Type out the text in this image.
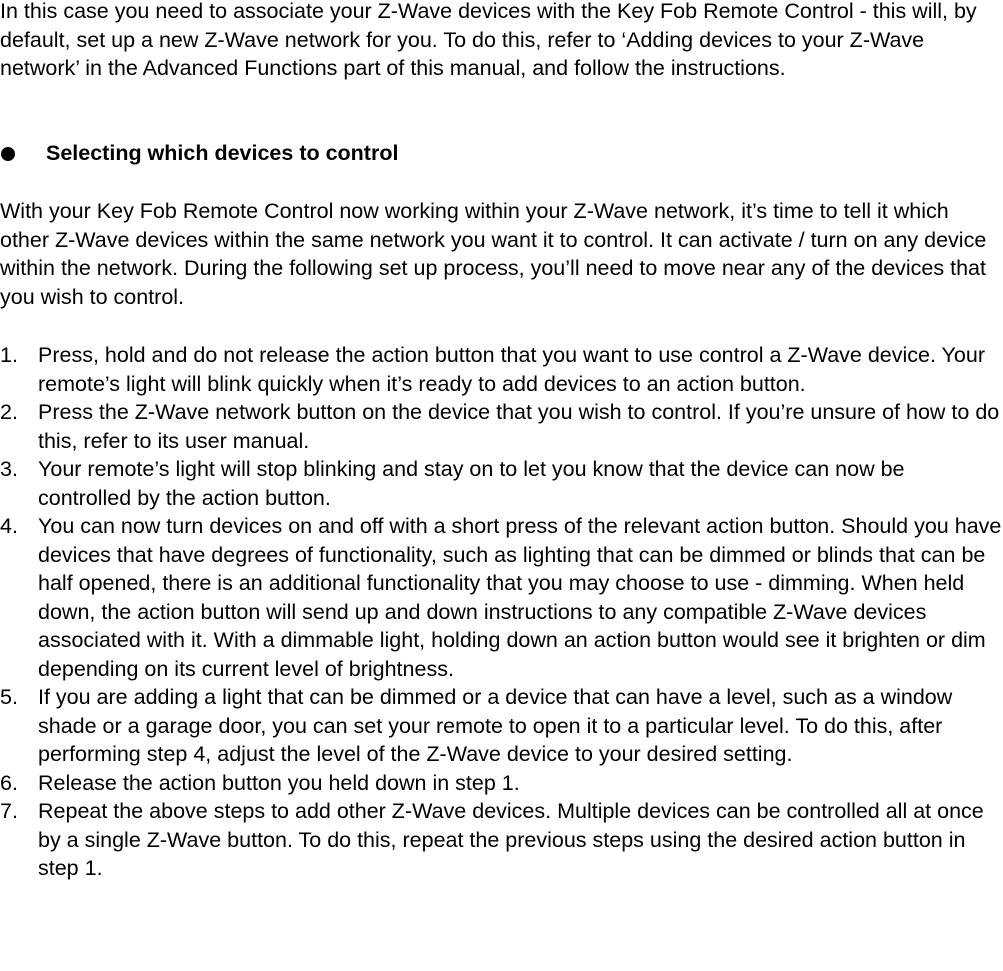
In this case you need to associate your Z-Wave devices with the Key Fob Remote Control - this will, by default, set up a new Z-Wave network for you. To do this, refer to ‘Adding devices to your Z-Wave network’ in the Advanced Functions part of this manual, and follow the instructions.

Selecting which devices to control

With your Key Fob Remote Control now working within your Z-Wave network, it’s time to tell it which other Z-Wave devices within the same network you want it to control. It can activate / turn on any device within the network. During the following set up process, you’ll need to move near any of the devices that you wish to control.

1. Press, hold and do not release the action button that you want to use control a Z-Wave device. Your remote’s light will blink quickly when it’s ready to add devices to an action button.
2. Press the Z-Wave network button on the device that you wish to control. If you’re unsure of how to do this, refer to its user manual.
3. Your remote’s light will stop blinking and stay on to let you know that the device can now be controlled by the action button.
4. You can now turn devices on and off with a short press of the relevant action button. Should you have devices that have degrees of functionality, such as lighting that can be dimmed or blinds that can be half opened, there is an additional functionality that you may choose to use - dimming. When held down, the action button will send up and down instructions to any compatible Z-Wave devices associated with it. With a dimmable light, holding down an action button would see it brighten or dim depending on its current level of brightness.
5. If you are adding a light that can be dimmed or a device that can have a level, such as a window shade or a garage door, you can set your remote to open it to a particular level. To do this, after performing step 4, adjust the level of the Z-Wave device to your desired setting.
6. Release the action button you held down in step 1.
7. Repeat the above steps to add other Z-Wave devices. Multiple devices can be controlled all at once by a single Z-Wave button. To do this, repeat the previous steps using the desired action button in step 1.
